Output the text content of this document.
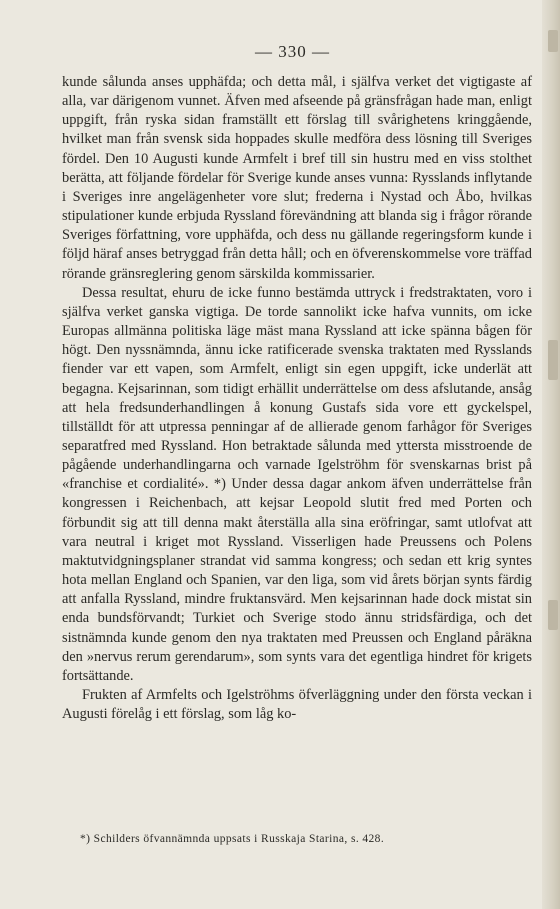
— 330 —

kunde sålunda anses upphäfda; och detta mål, i själfva verket det vigtigaste af alla, var därigenom vunnet. Äfven med afseende på gränsfrågan hade man, enligt uppgift, från ryska sidan framställt ett förslag till svårighetens kringgående, hvilket man från svensk sida hoppades skulle medföra dess lösning till Sveriges fördel. Den 10 Augusti kunde Armfelt i bref till sin hustru med en viss stolthet berätta, att följande fördelar för Sverige kunde anses vunna: Rysslands inflytande i Sveriges inre angelägenheter vore slut; frederna i Nystad och Åbo, hvilkas stipulationer kunde erbjuda Ryssland förevändning att blanda sig i frågor rörande Sveriges författning, vore upphäfda, och dess nu gällande regeringsform kunde i följd häraf anses betryggad från detta håll; och en öfverenskommelse vore träffad rörande gränsreglering genom särskilda kommissarier.

Dessa resultat, ehuru de icke funno bestämda uttryck i fredstraktaten, voro i själfva verket ganska vigtiga. De torde sannolikt icke hafva vunnits, om icke Europas allmänna politiska läge mäst mana Ryssland att icke spänna bågen för högt. Den nyssnämnda, ännu icke ratificerade svenska traktaten med Rysslands fiender var ett vapen, som Armfelt, enligt sin egen uppgift, icke underlät att begagna. Kejsarinnan, som tidigt erhällit underrättelse om dess afslutande, ansåg att hela fredsunderhandlingen å konung Gustafs sida vore ett gyckelspel, tillställdt för att utpressa penningar af de allierade genom farhågor för Sveriges separatfred med Ryssland. Hon betraktade sålunda med yttersta misstroende de pågående underhandlingarna och varnade Igelströhm för svenskarnas brist på «franchise et cordialité». *) Under dessa dagar ankom äfven underrättelse från kongressen i Reichenbach, att kejsar Leopold slutit fred med Porten och förbundit sig att till denna makt återställa alla sina eröfringar, samt utlofvat att vara neutral i kriget mot Ryssland. Visserligen hade Preussens och Polens maktutvidgningsplaner strandat vid samma kongress; och sedan ett krig syntes hota mellan England och Spanien, var den liga, som vid årets början synts färdig att anfalla Ryssland, mindre fruktansvärd. Men kejsarinnan hade dock mistat sin enda bundsförvandt; Turkiet och Sverige stodo ännu stridsfärdiga, och det sistnämnda kunde genom den nya traktaten med Preussen och England påräkna den »nervus rerum gerendarum», som synts vara det egentliga hindret för krigets fortsättande.

Frukten af Armfelts och Igelströhms öfverläggning under den första veckan i Augusti förelåg i ett förslag, som låg ko-

*) Schilders öfvannämnda uppsats i Russkaja Starina, s. 428.
